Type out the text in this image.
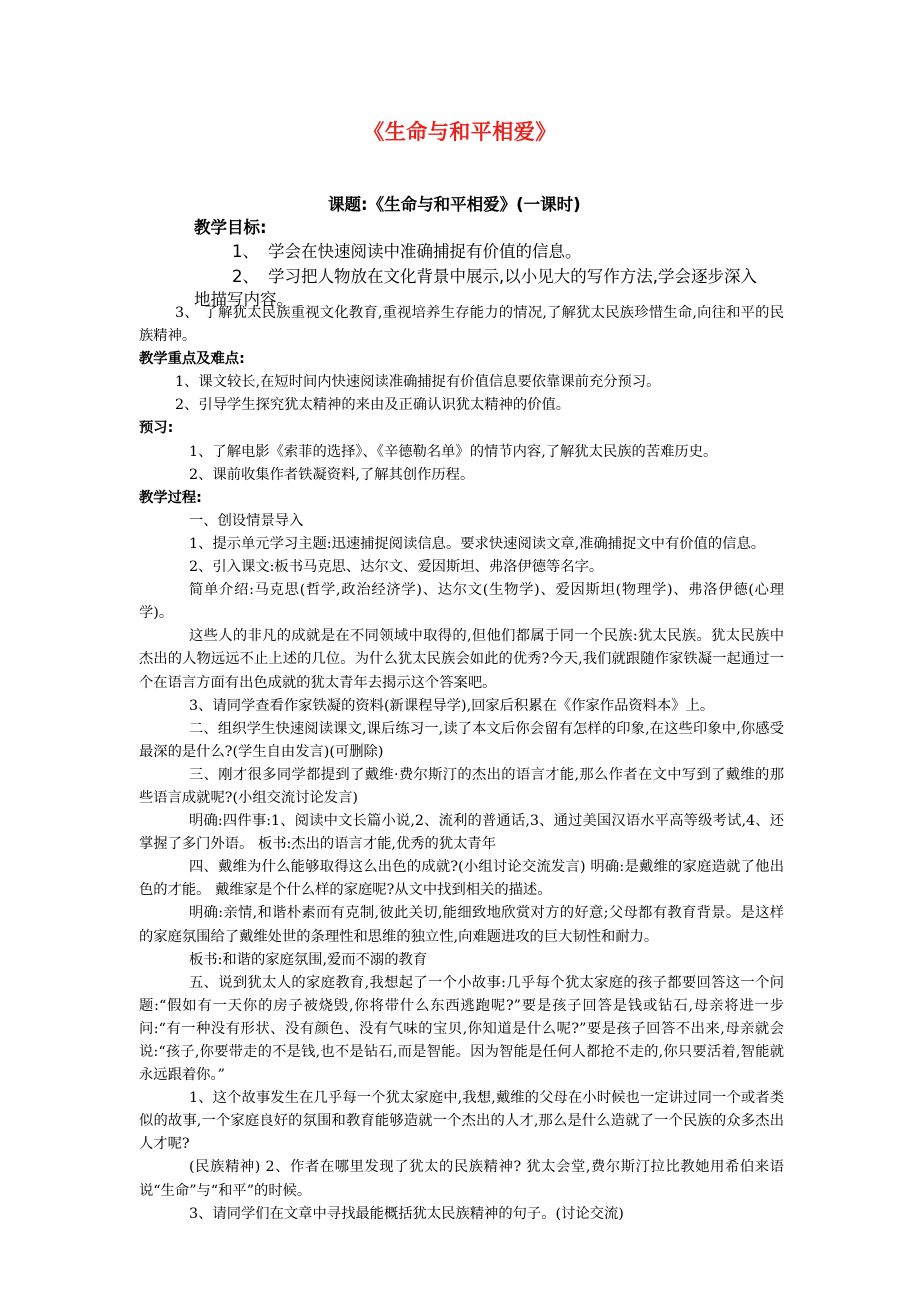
《生命与和平相爱》
课题:《生命与和平相爱》(一课时)
教学目标:
1、 学会在快速阅读中准确捕捉有价值的信息。
2、 学习把人物放在文化背景中展示,以小见大的写作方法,学会逐步深入
地描写内容。

3、 了解犹太民族重视文化教育,重视培养生存能力的情况,了解犹太民族珍惜生命,向往和平的民族精神。

教学重点及难点:

1、课文较长,在短时间内快速阅读准确捕捉有价值信息要依靠课前充分预习。

2、引导学生探究犹太精神的来由及正确认识犹太精神的价值。

预习:

1、了解电影《索菲的选择》、《辛德勒名单》的情节内容,了解犹太民族的苦难历史。

2、课前收集作者铁凝资料,了解其创作历程。

教学过程:

一、创设情景导入

1、提示单元学习主题:迅速捕捉阅读信息。要求快速阅读文章,准确捕捉文中有价值的信息。

2、引入课文:板书马克思、达尔文、爱因斯坦、弗洛伊德等名字。

简单介绍:马克思(哲学,政治经济学)、达尔文(生物学)、爱因斯坦(物理学)、弗洛伊德(心理学)。

这些人的非凡的成就是在不同领域中取得的,但他们都属于同一个民族:犹太民族。犹太民族中杰出的人物远远不止上述的几位。为什么犹太民族会如此的优秀?今天,我们就跟随作家铁凝一起通过一个在语言方面有出色成就的犹太青年去揭示这个答案吧。

3、请同学查看作家铁凝的资料(新课程导学),回家后积累在《作家作品资料本》上。

二、组织学生快速阅读课文,课后练习一,读了本文后你会留有怎样的印象,在这些印象中,你感受最深的是什么?(学生自由发言)(可删除)

三、刚才很多同学都提到了戴维·费尔斯汀的杰出的语言才能,那么作者在文中写到了戴维的那些语言成就呢?(小组交流讨论发言)

明确:四件事:1、阅读中文长篇小说,2、流利的普通话,3、通过美国汉语水平高等级考试,4、还掌握了多门外语。 板书:杰出的语言才能,优秀的犹太青年

四、戴维为什么能够取得这么出色的成就?(小组讨论交流发言) 明确:是戴维的家庭造就了他出色的才能。 戴维家是个什么样的家庭呢?从文中找到相关的描述。

明确:亲情,和谐朴素而有克制,彼此关切,能细致地欣赏对方的好意;父母都有教育背景。是这样的家庭氛围给了戴维处世的条理性和思维的独立性,向难题进攻的巨大韧性和耐力。

板书:和谐的家庭氛围,爱而不溺的教育

五、说到犹太人的家庭教育,我想起了一个小故事:几乎每个犹太家庭的孩子都要回答这一个问题:“假如有一天你的房子被烧毁,你将带什么东西逃跑呢?”要是孩子回答是钱或钻石,母亲将进一步问:“有一种没有形状、没有颜色、没有气味的宝贝,你知道是什么呢?”要是孩子回答不出来,母亲就会说:“孩子,你要带走的不是钱,也不是钻石,而是智能。因为智能是任何人都抢不走的,你只要活着,智能就永远跟着你。”

1、这个故事发生在几乎每一个犹太家庭中,我想,戴维的父母在小时候也一定讲过同一个或者类似的故事,一个家庭良好的氛围和教育能够造就一个杰出的人才,那么是什么造就了一个民族的众多杰出人才呢?

(民族精神) 2、作者在哪里发现了犹太的民族精神? 犹太会堂,费尔斯汀拉比教她用希伯来语说“生命”与“和平”的时候。

3、请同学们在文章中寻找最能概括犹太民族精神的句子。(讨论交流)
